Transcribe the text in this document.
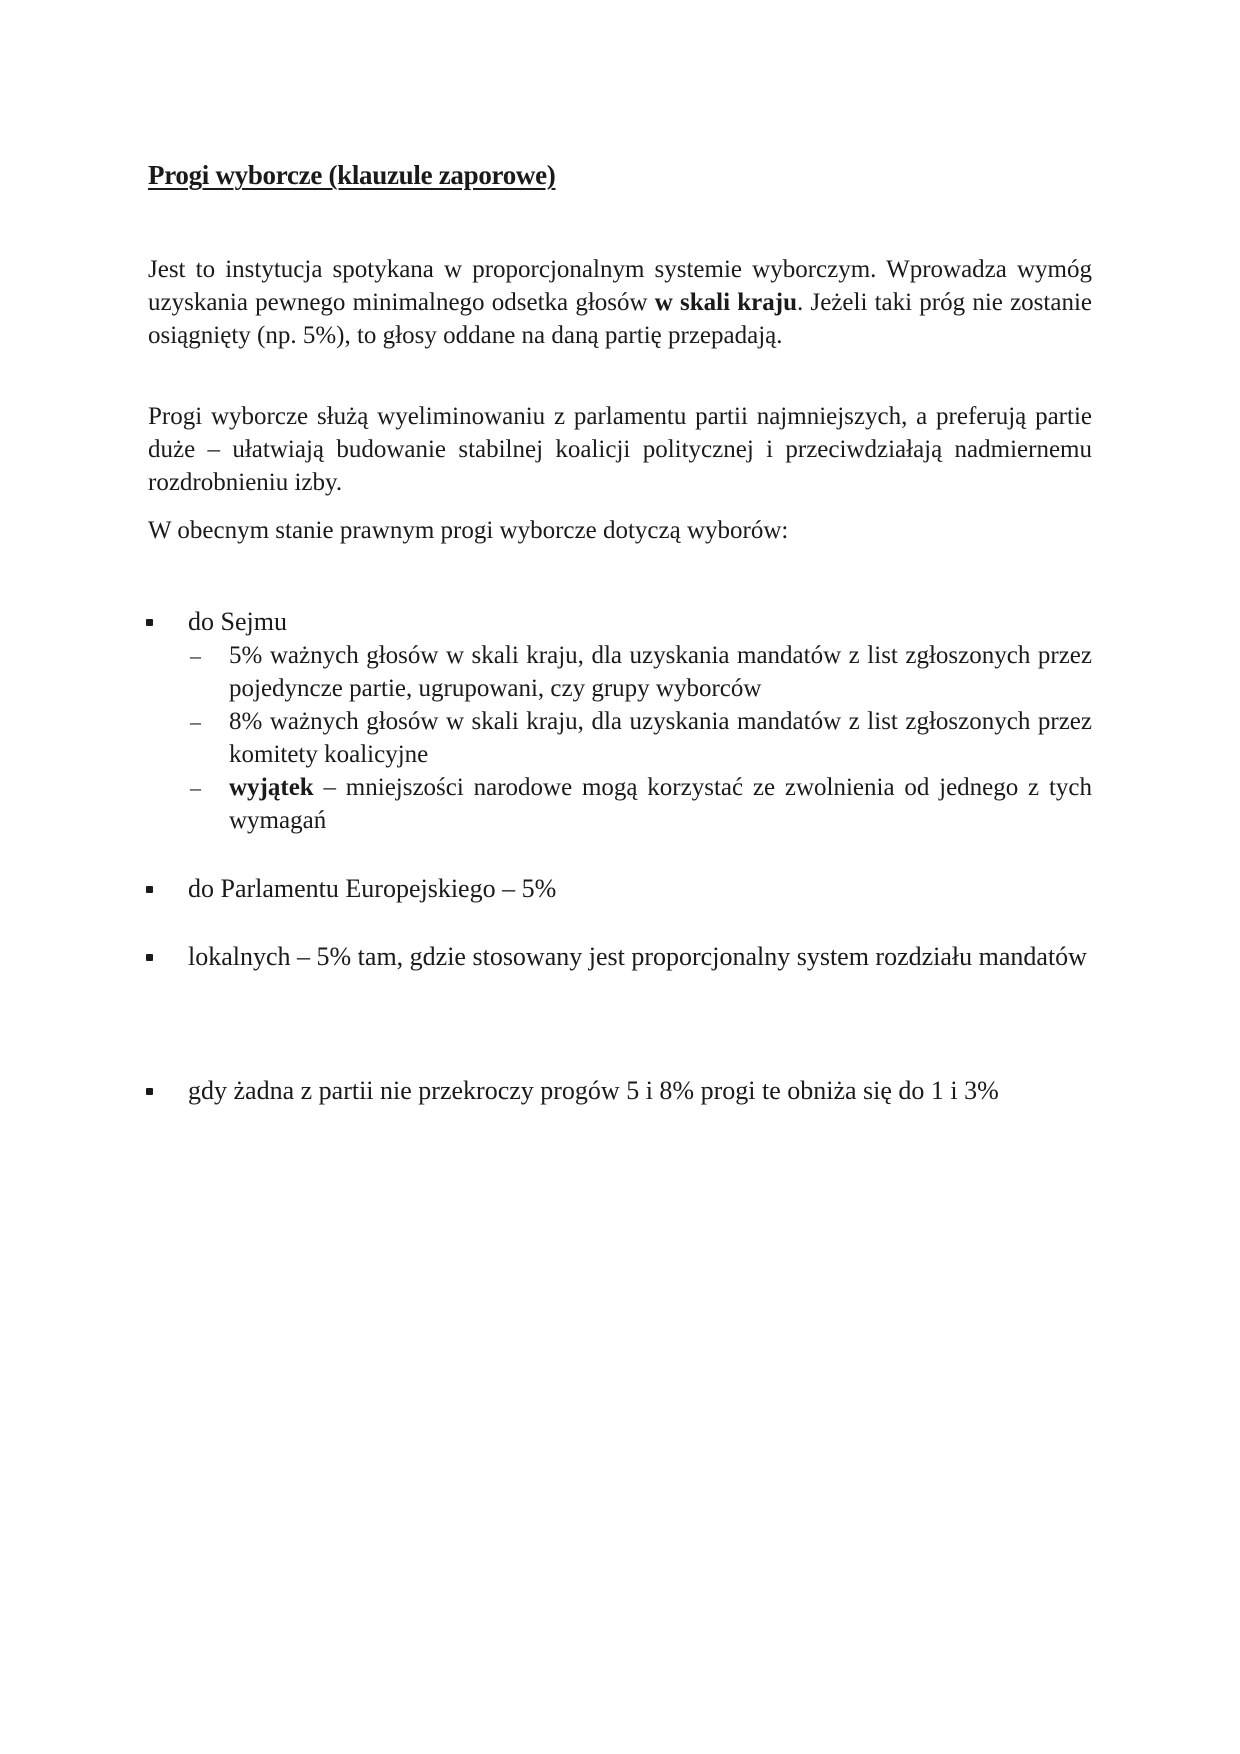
Progi wyborcze (klauzule zaporowe)

Jest to instytucja spotykana w proporcjonalnym systemie wyborczym. Wprowadza wymóg uzyskania pewnego minimalnego odsetka głosów w skali kraju. Jeżeli taki próg nie zostanie osiągnięty (np. 5%), to głosy oddane na daną partię przepadają.

Progi wyborcze służą wyeliminowaniu z parlamentu partii najmniejszych, a preferują partie duże – ułatwiają budowanie stabilnej koalicji politycznej i przeciwdziałają nadmiernemu rozdrobnieniu izby.

W obecnym stanie prawnym progi wyborcze dotyczą wyborów:

do Sejmu
– 5% ważnych głosów w skali kraju, dla uzyskania mandatów z list zgłoszonych przez pojedyncze partie, ugrupowani, czy grupy wyborców
– 8% ważnych głosów w skali kraju, dla uzyskania mandatów z list zgłoszonych przez komitety koalicyjne
– wyjątek – mniejszości narodowe mogą korzystać ze zwolnienia od jednego z tych wymagań
do Parlamentu Europejskiego – 5%
lokalnych – 5% tam, gdzie stosowany jest proporcjonalny system rozdziału mandatów
gdy żadna z partii nie przekroczy progów 5 i 8% progi te obniża się do 1 i 3%
